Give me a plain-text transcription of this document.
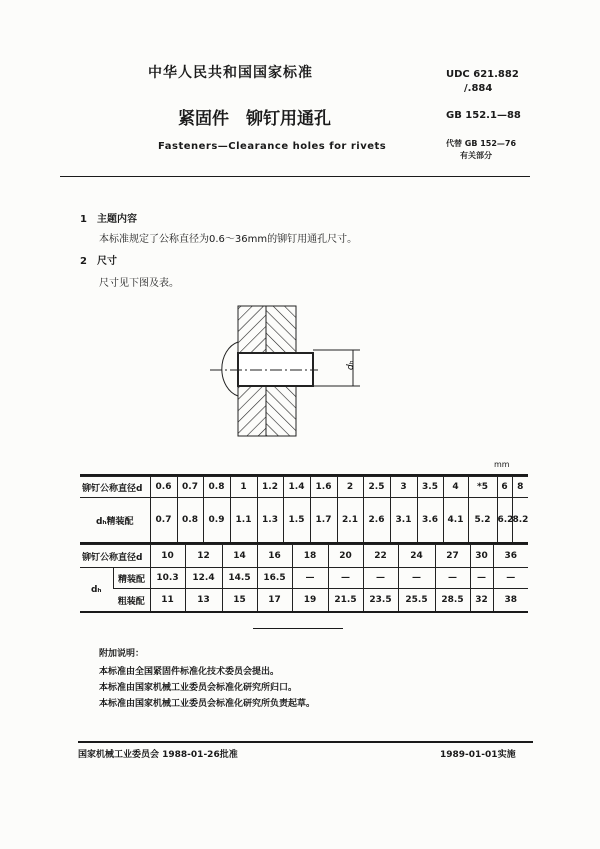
中华人民共和国国家标准
紧固件　铆钉用通孔
Fasteners—Clearance holes for rivets
UDC 621.882
/.884
GB 152.1—88
代替 GB 152—76
有关部分
1　 主题内容
本标准规定了公称直径为0.6～36mm的铆钉用通孔尺寸。
2　 尺寸
尺寸见下图及表。
dₕ
mm
铆钉公称直径d	0.6	0.7	0.8	1	1.2	1.4	1.6	2	2.5	3	3.5	4	*5	6	8
dₕ精装配	0.7	0.8	0.9	1.1	1.3	1.5	1.7	2.1	2.6	3.1	3.6	4.1	5.2	6.2	8.2
铆钉公称直径d		10	12	14	16	18	20	22	24	27	30	36
dₕ	精装配	10.3	12.4	14.5	16.5	—	—	—	—	—	—	—
	粗装配	11	13	15	17	19	21.5	23.5	25.5	28.5	32	38
附加说明：
本标准由全国紧固件标准化技术委员会提出。
本标准由国家机械工业委员会标准化研究所归口。
本标准由国家机械工业委员会标准化研究所负责起草。
国家机械工业委员会 1988-01-26批准	1989-01-01实施
